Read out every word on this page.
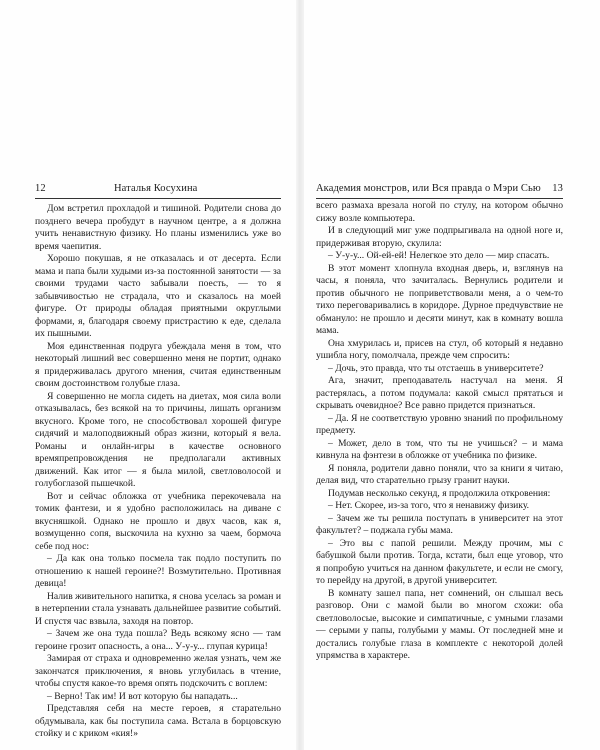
12	Наталья Косухина

Дом встретил прохладой и тишиной. Родители снова до позднего вечера пробудут в научном центре, а я должна учить ненавистную физику. Но планы изменились уже во время чаепития.

Хорошо покушав, я не отказалась и от десерта. Если мама и папа были худыми из-за постоянной занятости — за своими трудами часто забывали поесть, — то я забывчивостью не страдала, что и сказалось на моей фигуре. От природы обладая приятными округлыми формами, я, благодаря своему пристрастию к еде, сделала их пышными.

Моя единственная подруга убеждала меня в том, что некоторый лишний вес совершенно меня не портит, однако я придерживалась другого мнения, считая единственным своим достоинством голубые глаза.

Я совершенно не могла сидеть на диетах, моя сила воли отказывалась, без всякой на то причины, лишать организм вкусного. Кроме того, не способствовал хорошей фигуре сидячий и малоподвижный образ жизни, который я вела. Романы и онлайн-игры в качестве основного времяпрепровождения не предполагали активных движений. Как итог — я была милой, светловолосой и голубоглазой пышечкой.

Вот и сейчас обложка от учебника перекочевала на томик фантези, и я удобно расположилась на диване с вкусняшкой. Однако не прошло и двух часов, как я, возмущенно сопя, выскочила на кухню за чаем, бормоча себе под нос:

– Да как она только посмела так подло поступить по отношению к нашей героине?! Возмутительно. Противная девица!

Налив живительного напитка, я снова уселась за роман и в нетерпении стала узнавать дальнейшее развитие событий. И спустя час взвыла, заходя на повтор.

– Зачем же она туда пошла? Ведь всякому ясно — там героине грозит опасность, а она... У-у-у... глупая курица!

Замирая от страха и одновременно желая узнать, чем же закончатся приключения, я вновь углубилась в чтение, чтобы спустя какое-то время опять подскочить с воплем:

– Верно! Так им! И вот которую бы нападать...

Представляя себя на месте героев, я старательно обдумывала, как бы поступила сама. Встала в борцовскую стойку и с криком «кия!»

Академия монстров, или Вся правда о Мэри Сью 13

всего размаха врезала ногой по стулу, на котором обычно сижу возле компьютера.

И в следующий миг уже подпрыгивала на одной ноге и, придерживая вторую, скулила:

– У-у-у... Ой-ей-ей! Нелегкое это дело — мир спасать.

В этот момент хлопнула входная дверь, и, взглянув на часы, я поняла, что зачиталась. Вернулись родители и против обычного не поприветствовали меня, а о чем-то тихо переговаривались в коридоре. Дурное предчувствие не обмануло: не прошло и десяти минут, как в комнату вошла мама.

Она хмурилась и, присев на стул, об который я недавно ушибла ногу, помолчала, прежде чем спросить:

– Дочь, это правда, что ты отстаешь в университете?

Ага, значит, преподаватель настучал на меня. Я растерялась, а потом подумала: какой смысл прятаться и скрывать очевидное? Все равно придется признаться.

– Да. Я не соответствую уровню знаний по профильному предмету.

– Может, дело в том, что ты не учишься? – и мама кивнула на фэнтези в обложке от учебника по физике.

Я поняла, родители давно поняли, что за книги я читаю, делая вид, что старательно грызу гранит науки.

Подумав несколько секунд, я продолжила откровения:

– Нет. Скорее, из-за того, что я ненавижу физику.

– Зачем же ты решила поступать в университет на этот факультет? – поджала губы мама.

– Это вы с папой решили. Между прочим, мы с бабушкой были против. Тогда, кстати, был еще уговор, что я попробую учиться на данном факультете, и если не смогу, то перейду на другой, в другой университет.

В комнату зашел папа, нет сомнений, он слышал весь разговор. Они с мамой были во многом схожи: оба светловолосые, высокие и симпатичные, с умными глазами — серыми у папы, голубыми у мамы. От последней мне и достались голубые глаза в комплекте с некоторой долей упрямства в характере.
